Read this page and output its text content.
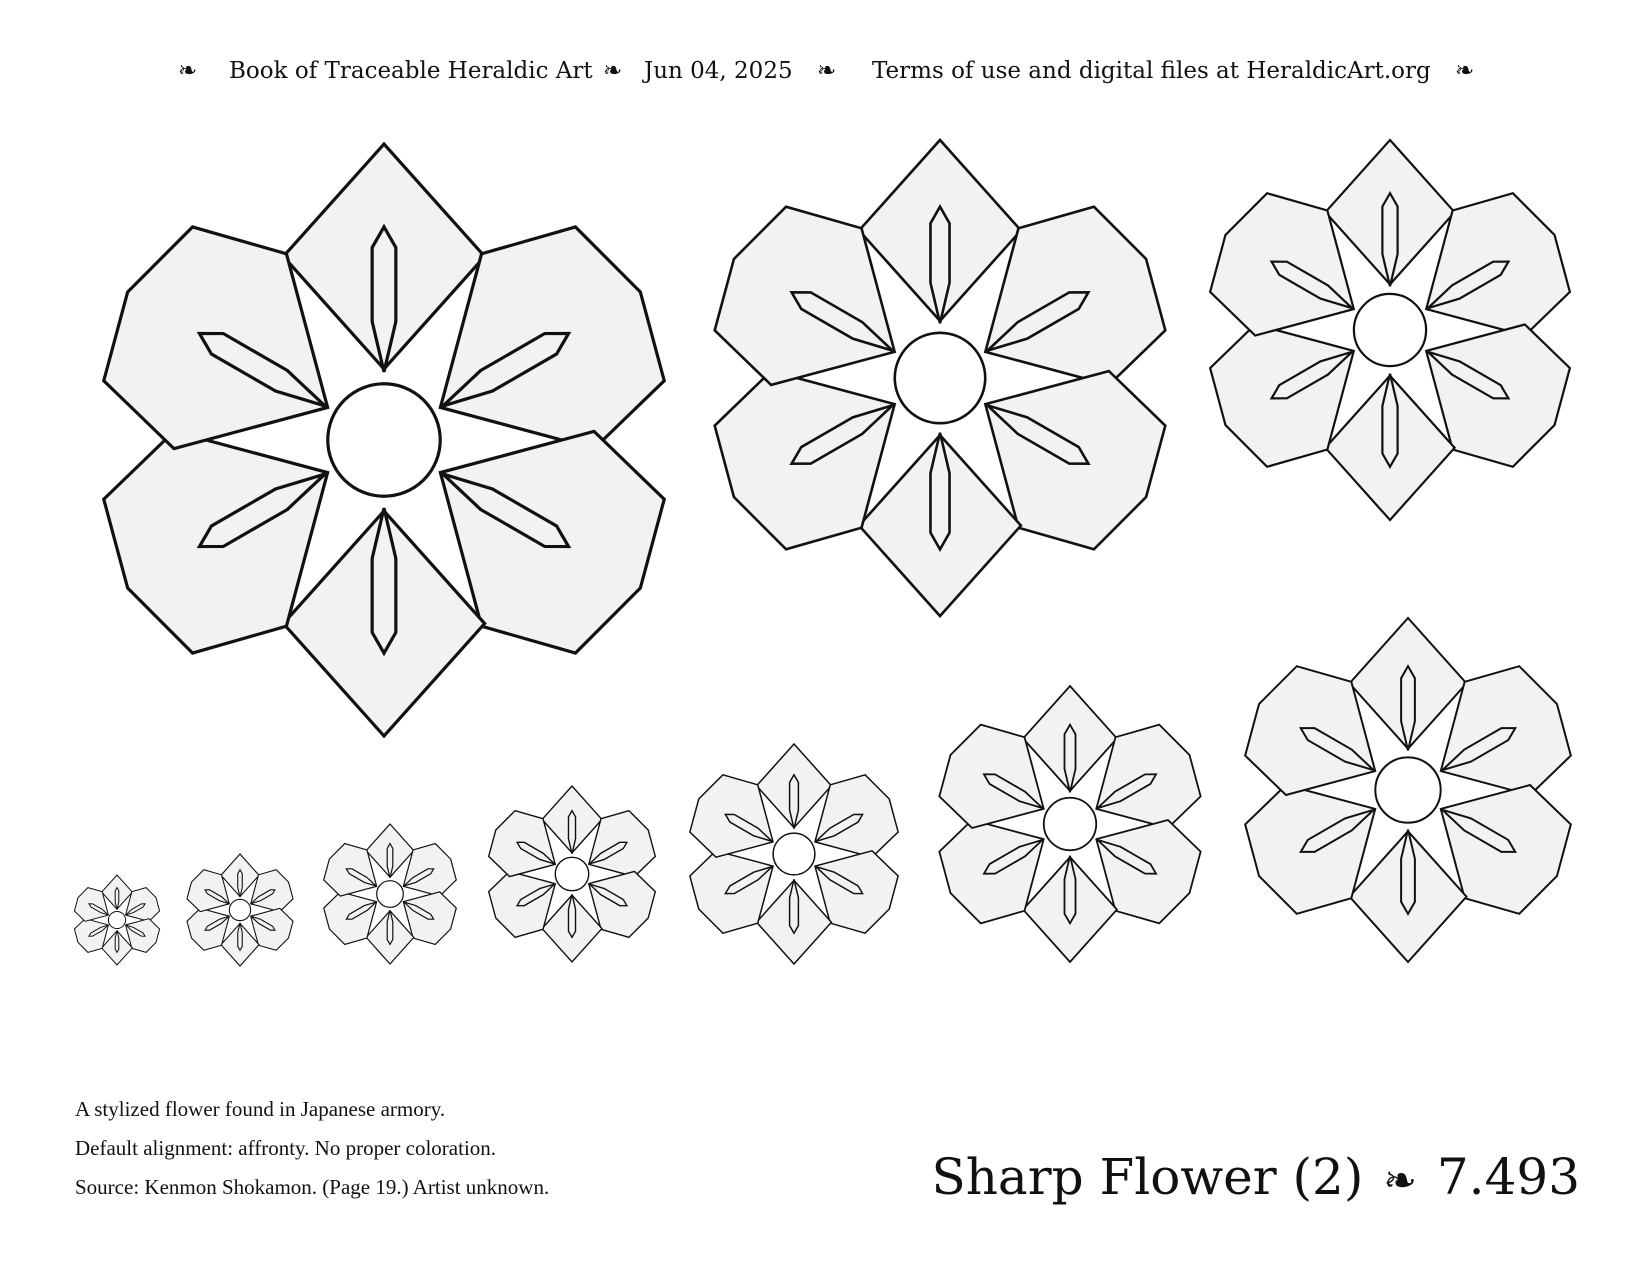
❧ Book of Traceable Heraldic Art ❧ Jun 04, 2025 ❧ Terms of use and digital files at HeraldicArt.org ❧
A stylized flower found in Japanese armory.
Default alignment: affronty. No proper coloration.
Source: Kenmon Shokamon. (Page 19.) Artist unknown.	Sharp Flower (2) ❧ 7.493
